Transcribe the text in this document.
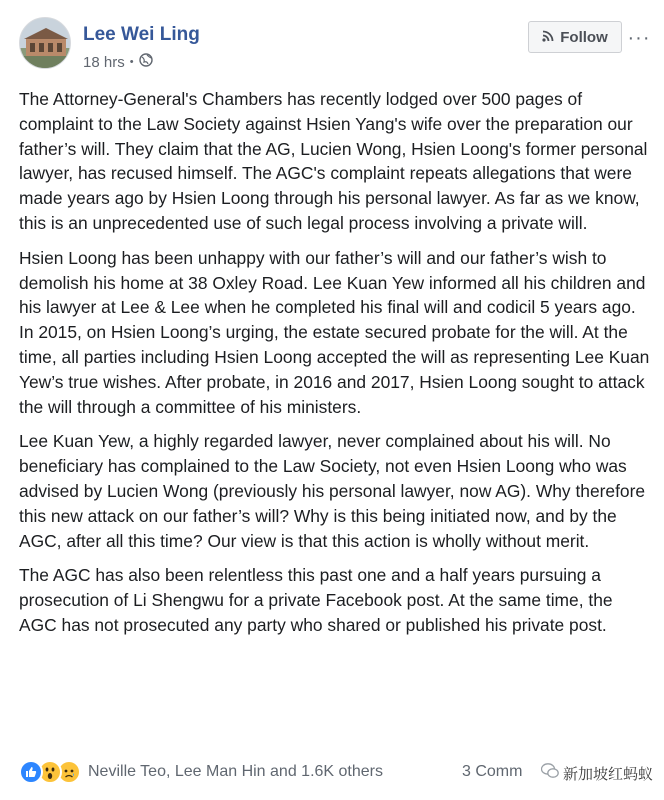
Lee Wei Ling
18 hrs •
Follow ···

The Attorney-General's Chambers has recently lodged over 500 pages of complaint to the Law Society against Hsien Yang's wife over the preparation our father’s will. They claim that the AG, Lucien Wong, Hsien Loong's former personal lawyer, has recused himself. The AGC's complaint repeats allegations that were made years ago by Hsien Loong through his personal lawyer. As far as we know, this is an unprecedented use of such legal process involving a private will.

Hsien Loong has been unhappy with our father’s will and our father’s wish to demolish his home at 38 Oxley Road. Lee Kuan Yew informed all his children and his lawyer at Lee & Lee when he completed his final will and codicil 5 years ago. In 2015, on Hsien Loong’s urging, the estate secured probate for the will. At the time, all parties including Hsien Loong accepted the will as representing Lee Kuan Yew’s true wishes. After probate, in 2016 and 2017, Hsien Loong sought to attack the will through a committee of his ministers.

Lee Kuan Yew, a highly regarded lawyer, never complained about his will. No beneficiary has complained to the Law Society, not even Hsien Loong who was advised by Lucien Wong (previously his personal lawyer, now AG). Why therefore this new attack on our father’s will? Why is this being initiated now, and by the AGC, after all this time? Our view is that this action is wholly without merit.

The AGC has also been relentless this past one and a half years pursuing a prosecution of Li Shengwu for a private Facebook post. At the same time, the AGC has not prosecuted any party who shared or published his private post.

Neville Teo, Lee Man Hin and 1.6K others	3 Comm	新加坡红蚂蚁
